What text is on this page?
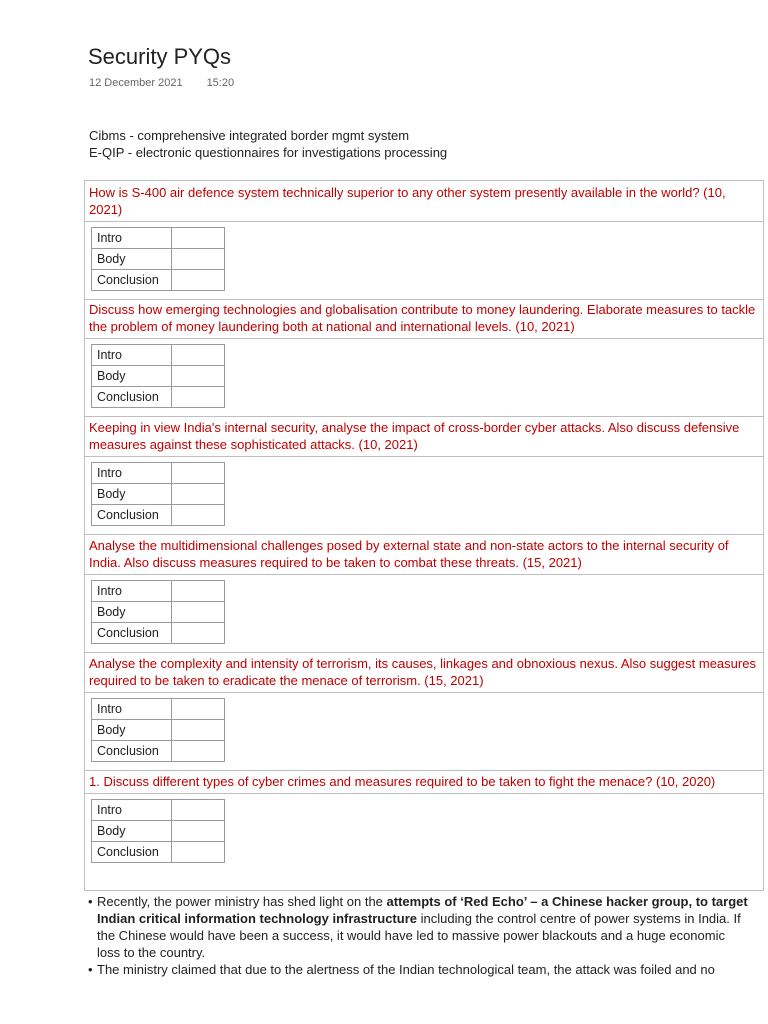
Security PYQs
12 December 2021 15:20
Cibms - comprehensive integrated border mgmt system
E-QIP - electronic questionnaires for investigations processing
How is S-400 air defence system technically superior to any other system presently available in the world? (10, 2021)
Intro	
Body	
Conclusion	
Discuss how emerging technologies and globalisation contribute to money laundering. Elaborate measures to tackle the problem of money laundering both at national and international levels. (10, 2021)
Intro	
Body	
Conclusion	
Keeping in view India's internal security, analyse the impact of cross-border cyber attacks. Also discuss defensive measures against these sophisticated attacks. (10, 2021)
Intro	
Body	
Conclusion	
Analyse the multidimensional challenges posed by external state and non-state actors to the internal security of India. Also discuss measures required to be taken to combat these threats. (15, 2021)
Intro	
Body	
Conclusion	
Analyse the complexity and intensity of terrorism, its causes, linkages and obnoxious nexus. Also suggest measures required to be taken to eradicate the menace of terrorism. (15, 2021)
Intro	
Body	
Conclusion	
1. Discuss different types of cyber crimes and measures required to be taken to fight the menace? (10, 2020)
Intro	
Body	
Conclusion	
• Recently, the power ministry has shed light on the attempts of ‘Red Echo’ – a Chinese hacker group, to target Indian critical information technology infrastructure including the control centre of power systems in India. If the Chinese would have been a success, it would have led to massive power blackouts and a huge economic loss to the country.
• The ministry claimed that due to the alertness of the Indian technological team, the attack was foiled and no
